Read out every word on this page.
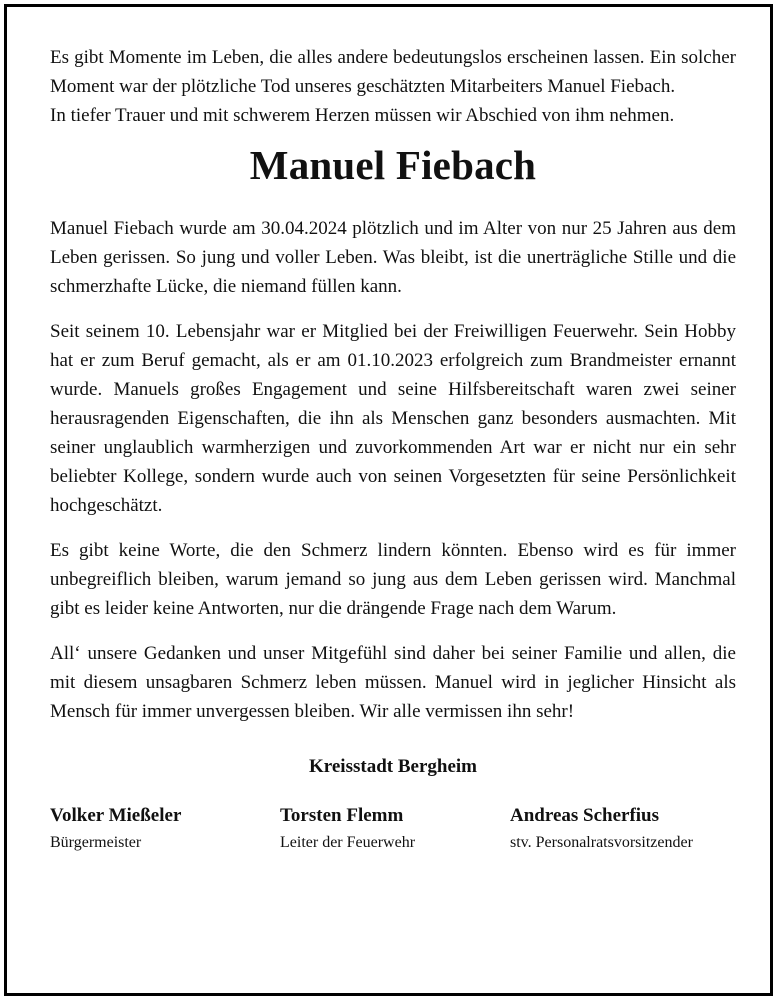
Es gibt Momente im Leben, die alles andere bedeutungslos erscheinen lassen. Ein solcher Moment war der plötzliche Tod unseres geschätzten Mitarbeiters Manuel Fiebach.

In tiefer Trauer und mit schwerem Herzen müssen wir Abschied von ihm nehmen.

Manuel Fiebach

Manuel Fiebach wurde am 30.04.2024 plötzlich und im Alter von nur 25 Jahren aus dem Leben gerissen. So jung und voller Leben. Was bleibt, ist die unerträgliche Stille und die schmerzhafte Lücke, die niemand füllen kann.

Seit seinem 10. Lebensjahr war er Mitglied bei der Freiwilligen Feuerwehr. Sein Hobby hat er zum Beruf gemacht, als er am 01.10.2023 erfolgreich zum Brandmeister ernannt wurde. Manuels großes Engagement und seine Hilfsbereitschaft waren zwei seiner herausragenden Eigenschaften, die ihn als Menschen ganz besonders ausmachten. Mit seiner unglaublich warmherzigen und zuvorkommenden Art war er nicht nur ein sehr beliebter Kollege, sondern wurde auch von seinen Vorgesetzten für seine Persönlichkeit hochgeschätzt.

Es gibt keine Worte, die den Schmerz lindern könnten. Ebenso wird es für immer unbegreiflich bleiben, warum jemand so jung aus dem Leben gerissen wird. Manchmal gibt es leider keine Antworten, nur die drängende Frage nach dem Warum.

All‘ unsere Gedanken und unser Mitgefühl sind daher bei seiner Familie und allen, die mit diesem unsagbaren Schmerz leben müssen. Manuel wird in jeglicher Hinsicht als Mensch für immer unvergessen bleiben. Wir alle vermissen ihn sehr!

Kreisstadt Bergheim
Volker Mießeler
Bürgermeister
Torsten Flemm
Leiter der Feuerwehr
Andreas Scherfius
stv. Personalratsvorsitzender
